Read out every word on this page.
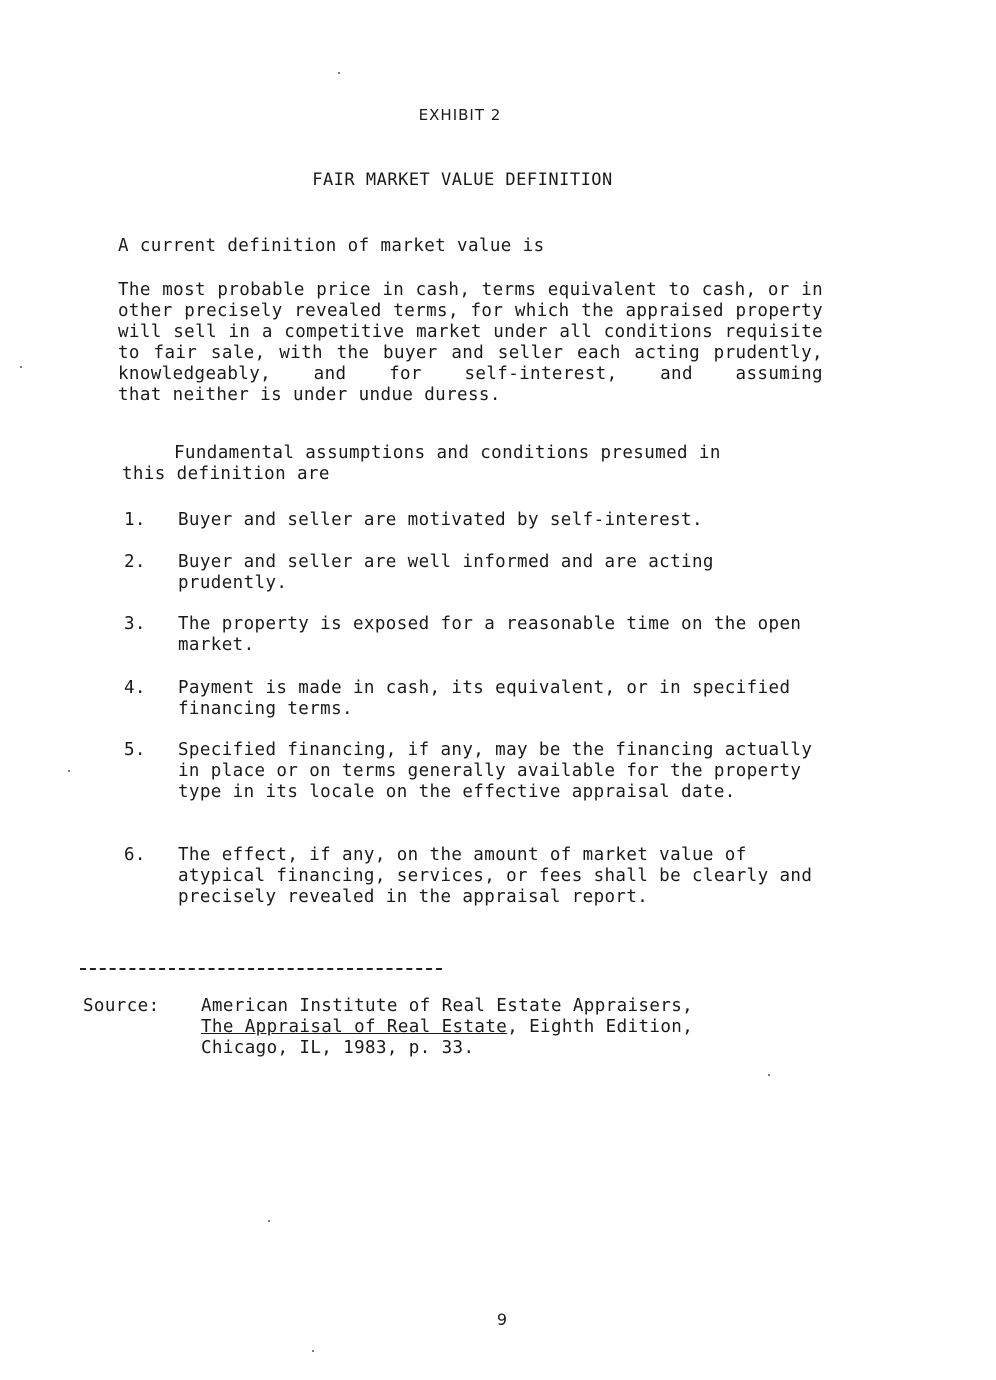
EXHIBIT 2
FAIR MARKET VALUE DEFINITION
A current definition of market value is
The most probable price in cash, terms equivalent to cash, or in other precisely revealed terms, for which the appraised property will sell in a competitive market under all conditions requisite to fair sale, with the buyer and seller each acting prudently, knowledgeably, and for self-interest, and assuming
that neither is under undue duress.
Fundamental assumptions and conditions presumed in
this definition are
1.	Buyer and seller are motivated by self-interest.
2.	Buyer and seller are well informed and are acting prudently.
3.	The property is exposed for a reasonable time on the open market.
4.	Payment is made in cash, its equivalent, or in specified financing terms.
5.	Specified financing, if any, may be the financing actually in place or on terms generally available for the property type in its locale on the effective appraisal date.
6.	The effect, if any, on the amount of market value of atypical financing, services, or fees shall be clearly and precisely revealed in the appraisal report.
Source:	American Institute of Real Estate Appraisers,
The Appraisal of Real Estate, Eighth Edition,
Chicago, IL, 1983, p. 33.
9
